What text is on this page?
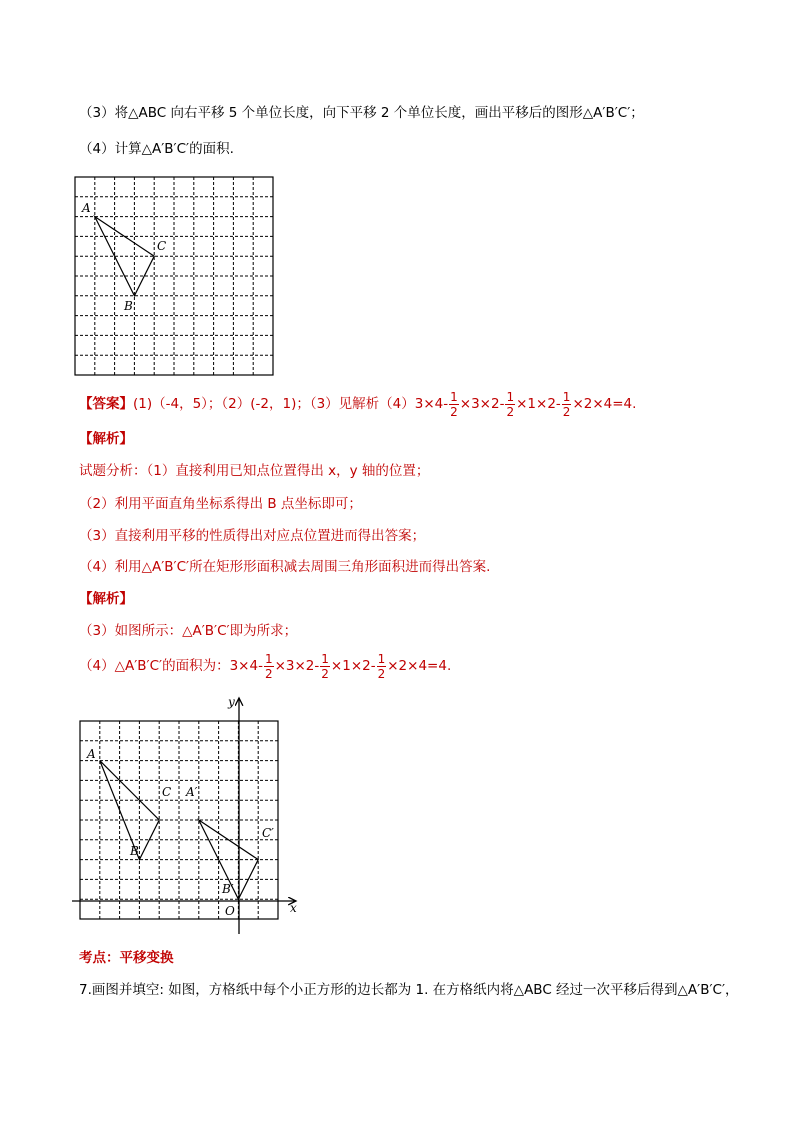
（3）将△ABC 向右平移 5 个单位长度，向下平移 2 个单位长度，画出平移后的图形△A′B′C′；
（4）计算△A′B′C′的面积.
A
C
B
【答案】(1)（-4，5）；（2）(-2，1)；（3）见解析$(4)3\times 4- \frac{1}{2} \times 3\times 2- \frac{1}{2} \times 1\times 2- \frac{1}{2} \times 2\times 4=4$.
【解析】
试题分析：（1）直接利用已知点位置得出 x，y 轴的位置；
（2）利用平面直角坐标系得出 B 点坐标即可；
（3）直接利用平移的性质得出对应点位置进而得出答案；
（4）利用△A′B′C′所在矩形形面积减去周围三角形面积进而得出答案.
【解析】
（3）如图所示：△A′B′C′即为所求；
（4）△A′B′C′的面积为：$3\times 4- \frac{1}{2} \times 3\times 2- \frac{1}{2} \times 1\times 2- \frac{1}{2} \times 2\times 4=4$.
y
x
A
C
B
A′
C′
B′
O
考点：平移变换
7.画图并填空: 如图，方格纸中每个小正方形的边长都为 1. 在方格纸内将△ABC 经过一次平移后得到△A′B′C′，
